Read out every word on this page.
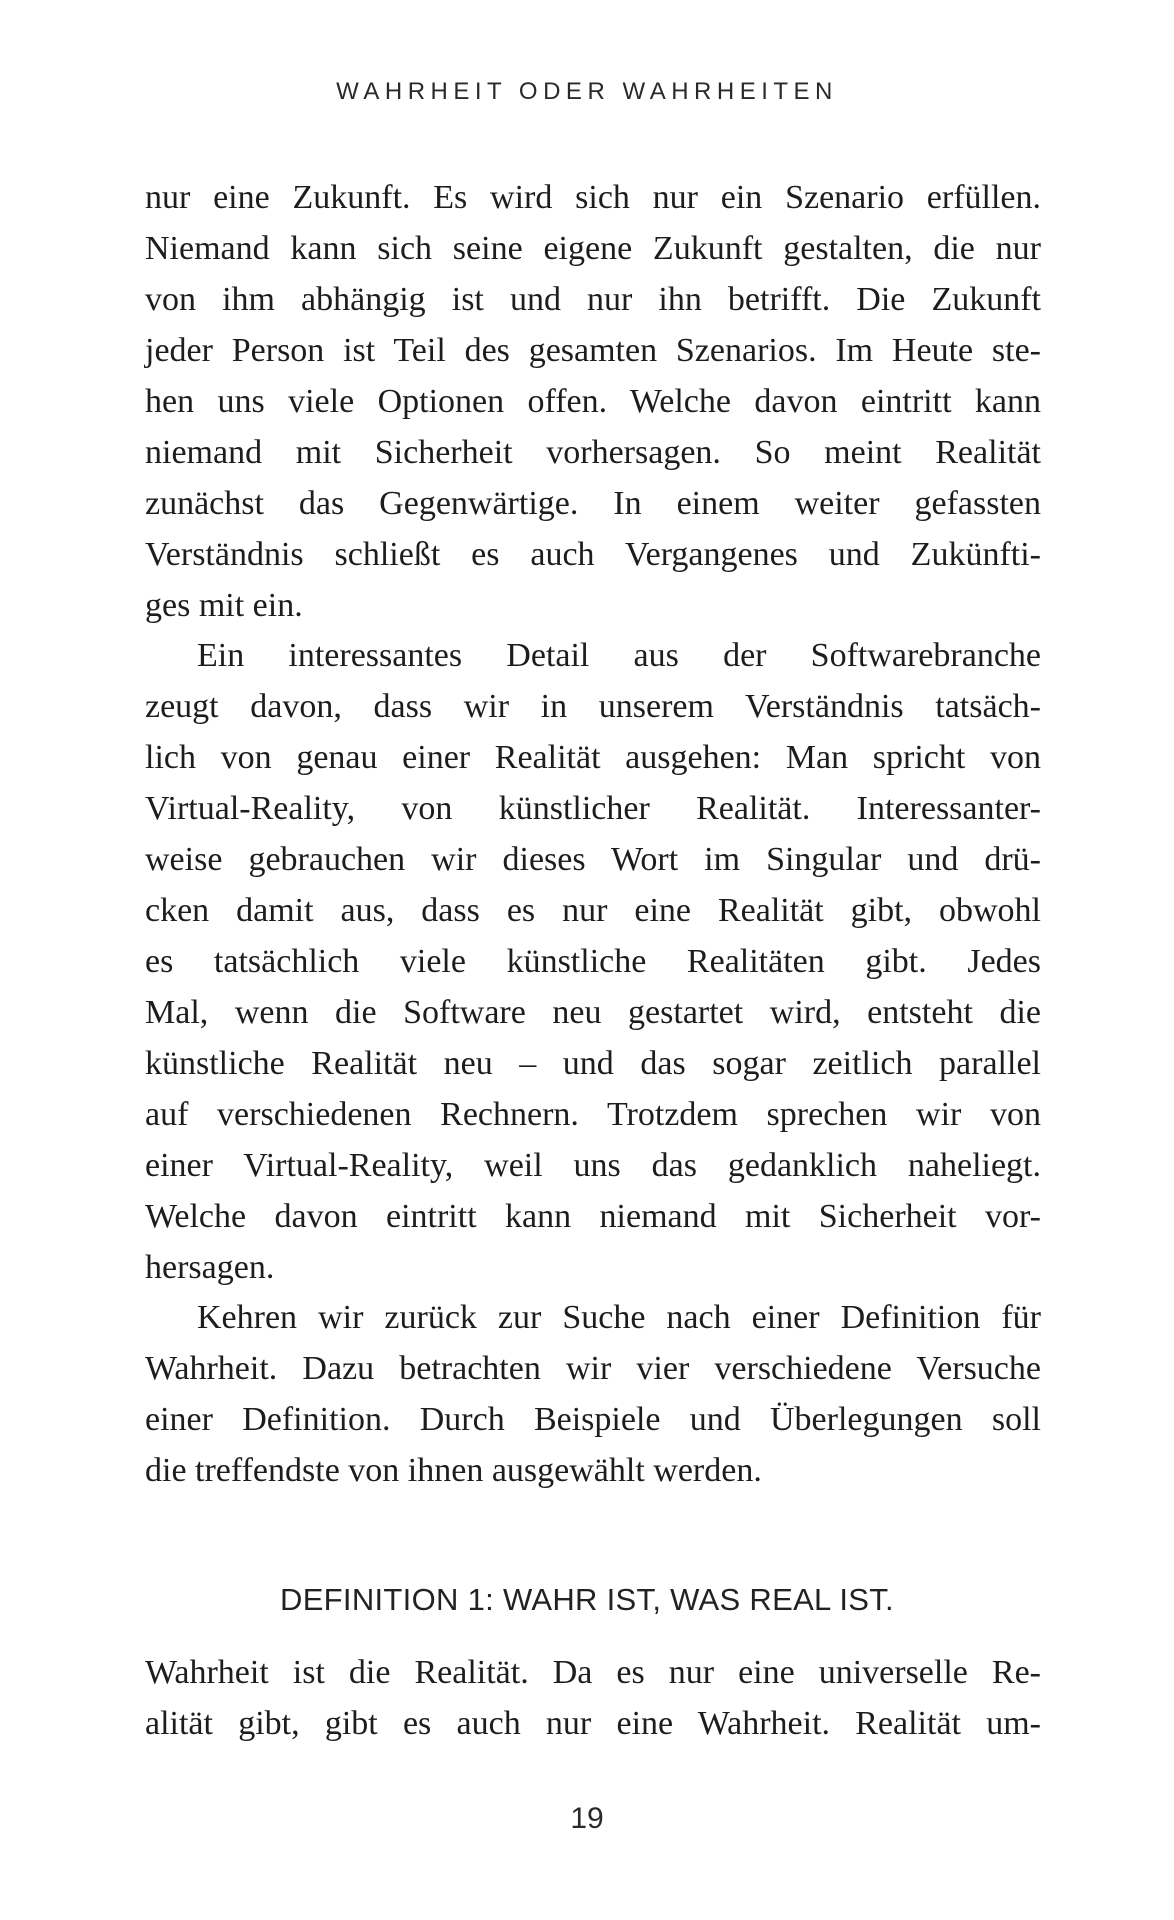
WAHRHEIT ODER WAHRHEITEN
nur eine Zukunft. Es wird sich nur ein Szenario erfüllen.
Niemand kann sich seine eigene Zukunft gestalten, die nur
von ihm abhängig ist und nur ihn betrifft. Die Zukunft
jeder Person ist Teil des gesamten Szenarios. Im Heute ste-
hen uns viele Optionen offen. Welche davon eintritt kann
niemand mit Sicherheit vorhersagen. So meint Realität
zunächst das Gegenwärtige. In einem weiter gefassten
Verständnis schließt es auch Vergangenes und Zukünfti-
ges mit ein.
Ein interessantes Detail aus der Softwarebranche
zeugt davon, dass wir in unserem Verständnis tatsäch-
lich von genau einer Realität ausgehen: Man spricht von
Virtual-Reality, von künstlicher Realität. Interessanter-
weise gebrauchen wir dieses Wort im Singular und drü-
cken damit aus, dass es nur eine Realität gibt, obwohl
es tatsächlich viele künstliche Realitäten gibt. Jedes
Mal, wenn die Software neu gestartet wird, entsteht die
künstliche Realität neu – und das sogar zeitlich parallel
auf verschiedenen Rechnern. Trotzdem sprechen wir von
einer Virtual-Reality, weil uns das gedanklich naheliegt.
Welche davon eintritt kann niemand mit Sicherheit vor-
hersagen.
Kehren wir zurück zur Suche nach einer Definition für
Wahrheit. Dazu betrachten wir vier verschiedene Versuche
einer Definition. Durch Beispiele und Überlegungen soll
die treffendste von ihnen ausgewählt werden.
DEFINITION 1: WAHR IST, WAS REAL IST.
Wahrheit ist die Realität. Da es nur eine universelle Re-
alität gibt, gibt es auch nur eine Wahrheit. Realität um-
19
